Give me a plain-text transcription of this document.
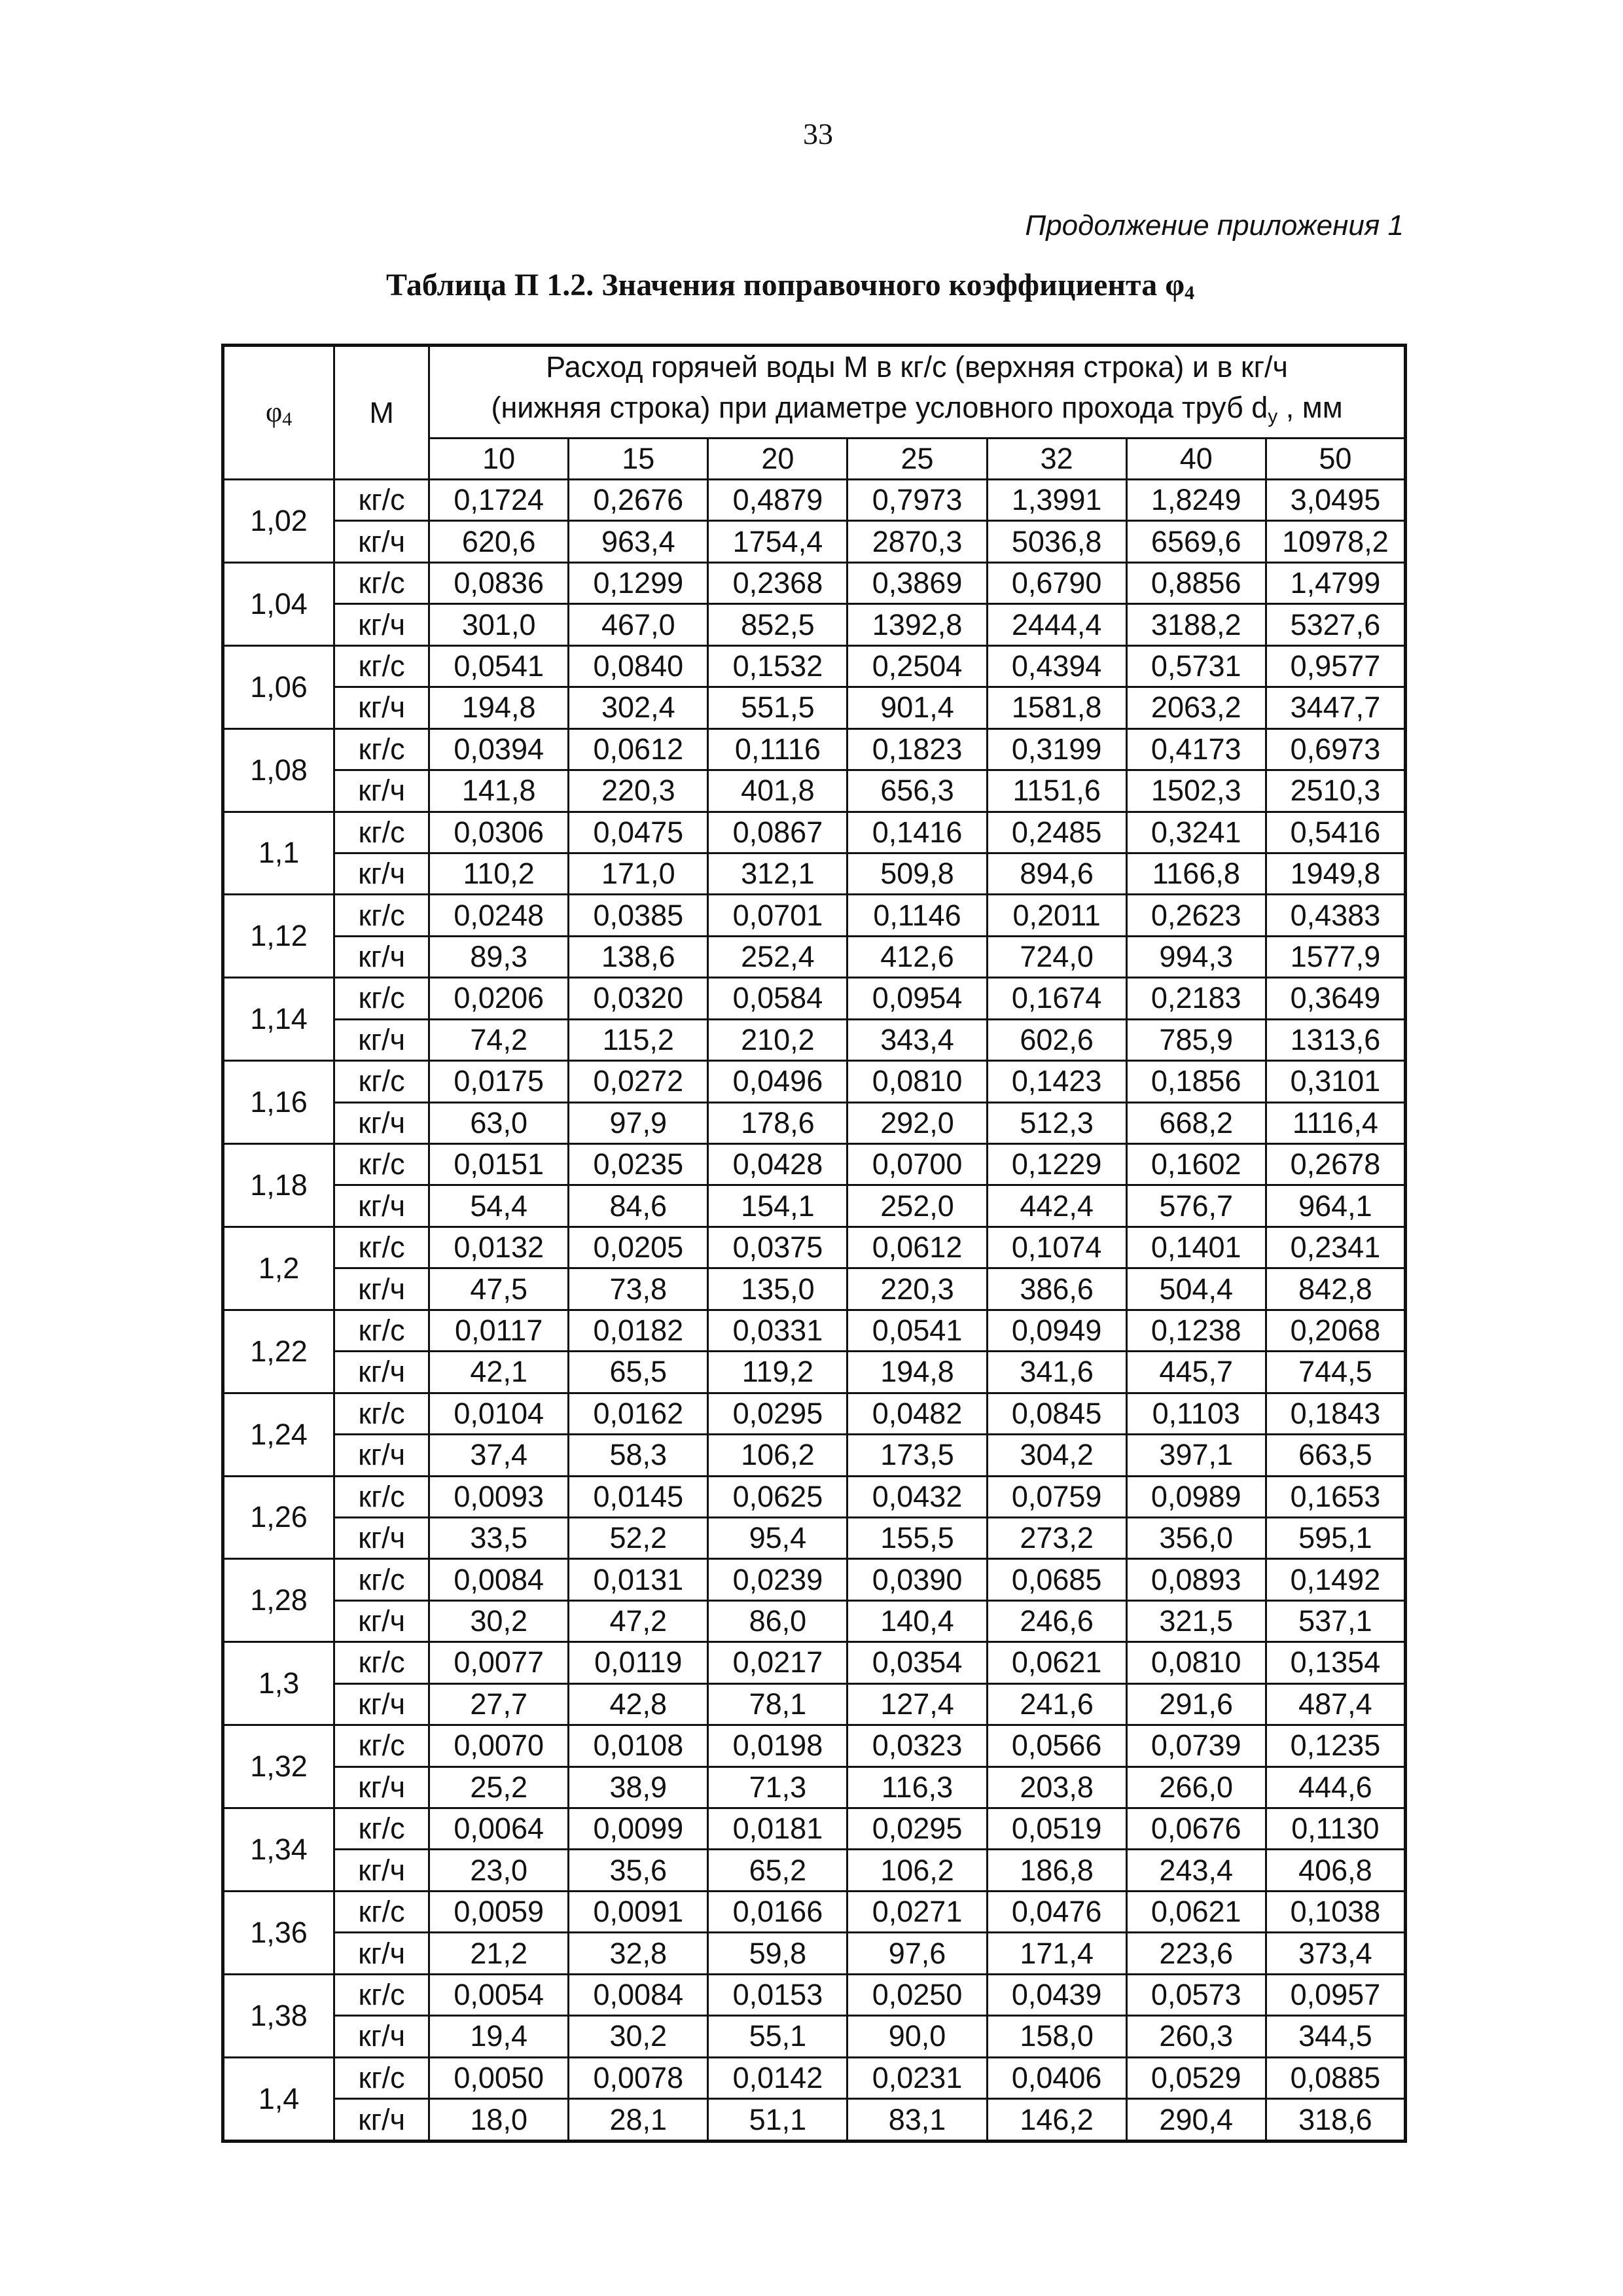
33
Продолжение приложения 1
Таблица П 1.2. Значения поправочного коэффициента $\varphi_4$
$\varphi_4$	М	Расход горячей воды М в кг/с (верхняя строка) и в кг/ч
(нижняя строка) при диаметре условного прохода труб $d_у$ , мм						

		10	15	20	25	32	40	50
1,02	кг/с	0,1724	0,2676	0,4879	0,7973	1,3991	1,8249	3,0495
	кг/ч	620,6	963,4	1754,4	2870,3	5036,8	6569,6	10978,2
1,04	кг/с	0,0836	0,1299	0,2368	0,3869	0,6790	0,8856	1,4799
	кг/ч	301,0	467,0	852,5	1392,8	2444,4	3188,2	5327,6
1,06	кг/с	0,0541	0,0840	0,1532	0,2504	0,4394	0,5731	0,9577
	кг/ч	194,8	302,4	551,5	901,4	1581,8	2063,2	3447,7
1,08	кг/с	0,0394	0,0612	0,1116	0,1823	0,3199	0,4173	0,6973
	кг/ч	141,8	220,3	401,8	656,3	1151,6	1502,3	2510,3
1,1	кг/с	0,0306	0,0475	0,0867	0,1416	0,2485	0,3241	0,5416
	кг/ч	110,2	171,0	312,1	509,8	894,6	1166,8	1949,8
1,12	кг/с	0,0248	0,0385	0,0701	0,1146	0,2011	0,2623	0,4383
	кг/ч	89,3	138,6	252,4	412,6	724,0	994,3	1577,9
1,14	кг/с	0,0206	0,0320	0,0584	0,0954	0,1674	0,2183	0,3649
	кг/ч	74,2	115,2	210,2	343,4	602,6	785,9	1313,6
1,16	кг/с	0,0175	0,0272	0,0496	0,0810	0,1423	0,1856	0,3101
	кг/ч	63,0	97,9	178,6	292,0	512,3	668,2	1116,4
1,18	кг/с	0,0151	0,0235	0,0428	0,0700	0,1229	0,1602	0,2678
	кг/ч	54,4	84,6	154,1	252,0	442,4	576,7	964,1
1,2	кг/с	0,0132	0,0205	0,0375	0,0612	0,1074	0,1401	0,2341
	кг/ч	47,5	73,8	135,0	220,3	386,6	504,4	842,8
1,22	кг/с	0,0117	0,0182	0,0331	0,0541	0,0949	0,1238	0,2068
	кг/ч	42,1	65,5	119,2	194,8	341,6	445,7	744,5
1,24	кг/с	0,0104	0,0162	0,0295	0,0482	0,0845	0,1103	0,1843
	кг/ч	37,4	58,3	106,2	173,5	304,2	397,1	663,5
1,26	кг/с	0,0093	0,0145	0,0625	0,0432	0,0759	0,0989	0,1653
	кг/ч	33,5	52,2	95,4	155,5	273,2	356,0	595,1
1,28	кг/с	0,0084	0,0131	0,0239	0,0390	0,0685	0,0893	0,1492
	кг/ч	30,2	47,2	86,0	140,4	246,6	321,5	537,1
1,3	кг/с	0,0077	0,0119	0,0217	0,0354	0,0621	0,0810	0,1354
	кг/ч	27,7	42,8	78,1	127,4	241,6	291,6	487,4
1,32	кг/с	0,0070	0,0108	0,0198	0,0323	0,0566	0,0739	0,1235
	кг/ч	25,2	38,9	71,3	116,3	203,8	266,0	444,6
1,34	кг/с	0,0064	0,0099	0,0181	0,0295	0,0519	0,0676	0,1130
	кг/ч	23,0	35,6	65,2	106,2	186,8	243,4	406,8
1,36	кг/с	0,0059	0,0091	0,0166	0,0271	0,0476	0,0621	0,1038
	кг/ч	21,2	32,8	59,8	97,6	171,4	223,6	373,4
1,38	кг/с	0,0054	0,0084	0,0153	0,0250	0,0439	0,0573	0,0957
	кг/ч	19,4	30,2	55,1	90,0	158,0	260,3	344,5
1,4	кг/с	0,0050	0,0078	0,0142	0,0231	0,0406	0,0529	0,0885
	кг/ч	18,0	28,1	51,1	83,1	146,2	290,4	318,6
